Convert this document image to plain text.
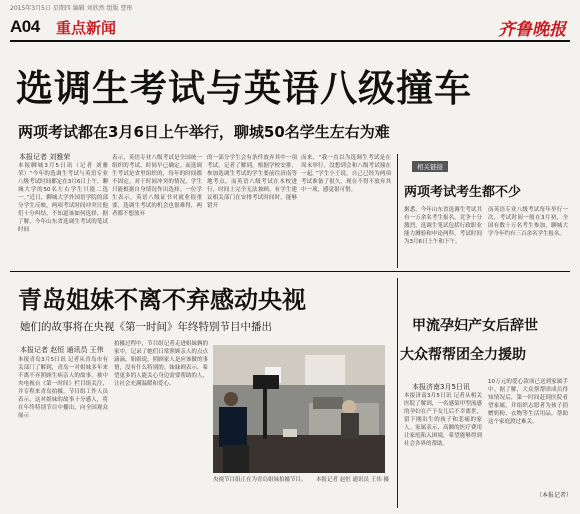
2015年3月5日 星期四 编辑 刘欣然 组版 曹彤
A04 重点新闻	齐鲁晚报
选调生考试与英语八级撞车
两项考试都在3月6日上午举行，聊城50名学生左右为难
本报记者 刘雅荣
本报聊城3月5日讯（记者 刘雅荣）“今年的选调生考试与英语专业八级考试时间都定在3月6日上午，聊城大学的50名左右学生只能二选一。”近日，聊城大学外国语学院的部分学生反映，两项考试时间冲突让他们十分纠结，不知道该如何选择。据了解，今年山东省选调生考试的笔试时间
表示，英语专业八级考试是全国统一组织的考试，时间早已确定。而选调生考试是省里组织的，每年的时间都不固定。对于时间冲突的情况，学生只能根据自身情况作出选择。一位学生表示，英语八级证书对就业很重要，选调生考试的机会也很难得，两者都不想放弃
的一部分学生会有条件放弃其中一项考试。记者了解到，根据学校安排，参加选调生考试的学生要前往济南等地考点，而英语八级考试在本校进行，时间上完全无法兼顾。有学生建议相关部门在安排考试时间时，能够错开
而来，“我一直以为选调生考试是在周末举行，没想到会和八级考试撞在一起。”学生小王说，自己已经为两项考试准备了很久，现在不得不放弃其中一项，感觉很可惜。
相关链接
两项考试考生都不少
据悉，今年山东省选调生考试共有一万余名考生报名，竞争十分激烈。选调生笔试包括行政职业能力测验和申论两科，考试时间为3月6日上午和下午。
而英语专业八级考试每年举行一次，考试时间一般在3月初，全国有数十万名考生参加，聊城大学今年约有三百余名学生报名。
青岛姐妹不离不弃感动央视
她们的故事将在央视《第一时间》年终特别节目中播出
本报记者 赵恒 通讯员 王伟
本报青岛3月5日讯 记者从青岛市有关部门了解到，青岛一对姐妹多年来不离不弃照顾生病亲人的故事，被中央电视台《第一时间》栏目组关注，并专程来青岛拍摄。节目组工作人员表示，这对姐妹的故事十分感人，将在年终特别节目中播出，向全国观众展示
拍摄过程中，节目组记者走进姐妹俩的家中，记录了她们日常照顾亲人的点点滴滴。姐姐说，照顾家人是应该做的事情，没有什么特别的。妹妹则表示，希望更多的人能关心身边需要帮助的人，让社会充满温暖和爱心。
央视节目组正在为青岛姐妹拍摄节目。 本报记者 赵恒 通讯员 王伟 摄
甲流孕妇产女后辞世
大众帮帮团全力援助
本报济南3月5日讯
本报济南3月5日讯 记者从相关医院了解到，一名感染甲型流感的孕妇在产下女儿后不幸离世，留下刚出生的孩子和悲痛的家人。家属表示，高额的医疗费用让家庭陷入困境，希望能够得到社会各界的帮助。
10万元的爱心款项已送到家属手中。据了解，大众帮帮团成员得知情况后，第一时间赶到医院看望家属，并组织志愿者为孩子捐赠奶粉、衣物等生活用品，帮助这个家庭渡过难关。
（本报记者）
